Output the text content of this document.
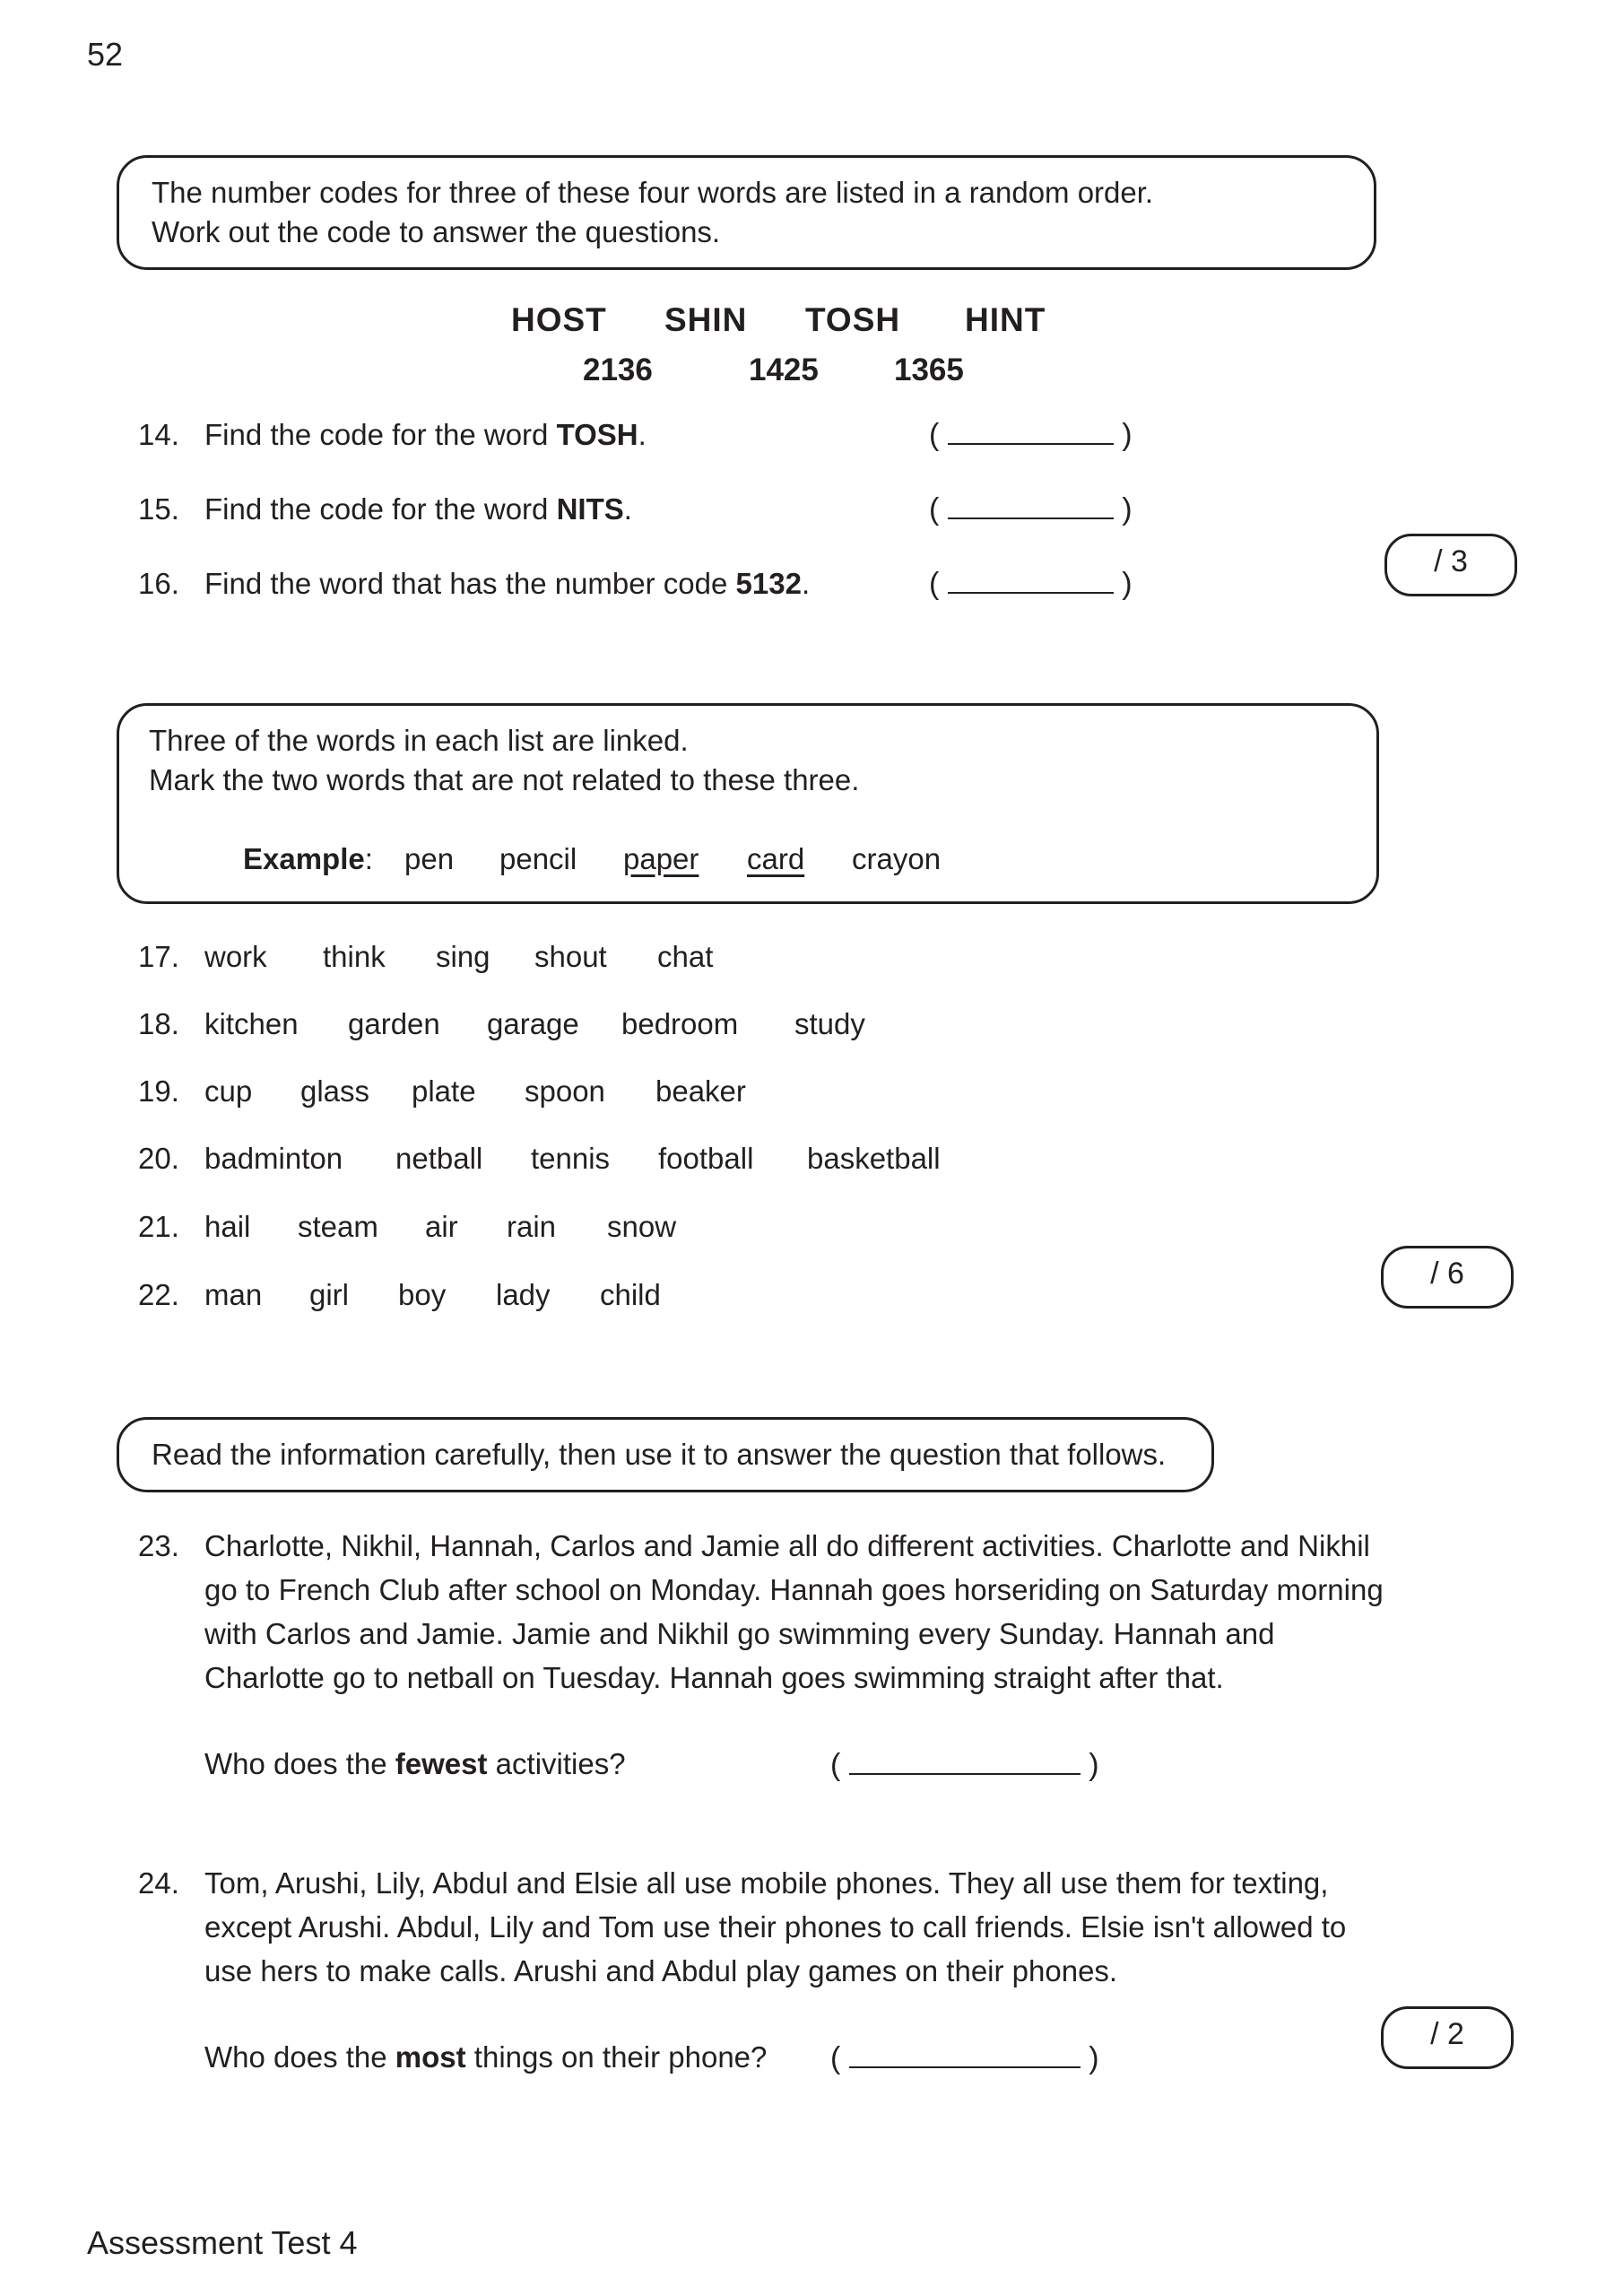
52
The number codes for three of these four words are listed in a random order.
Work out the code to answer the questions.
HOST SHIN TOSH HINT
2136	1425 1365
14. Find the code for the word TOSH.	(	)
15. Find the code for the word NITS.	(	)
16. Find the word that has the number code 5132.	(	)
/ 3
Three of the words in each list are linked.
Mark the two words that are not related to these three.
Example: pen pencil paper card crayon
17. work think sing shout chat
18. kitchen garden garage bedroom study
19. cup glass plate spoon beaker
20. badminton netball tennis football basketball
21. hail steam air rain snow
22. man girl boy lady child
/ 6
Read the information carefully, then use it to answer the question that follows.
23. Charlotte, Nikhil, Hannah, Carlos and Jamie all do different activities. Charlotte and Nikhil
go to French Club after school on Monday. Hannah goes horseriding on Saturday morning
with Carlos and Jamie. Jamie and Nikhil go swimming every Sunday. Hannah and
Charlotte go to netball on Tuesday. Hannah goes swimming straight after that.
Who does the fewest activities?	(	)
24. Tom, Arushi, Lily, Abdul and Elsie all use mobile phones. They all use them for texting,
except Arushi. Abdul, Lily and Tom use their phones to call friends. Elsie isn't allowed to
use hers to make calls. Arushi and Abdul play games on their phones.
Who does the most things on their phone? (	)
/ 2
Assessment Test 4
